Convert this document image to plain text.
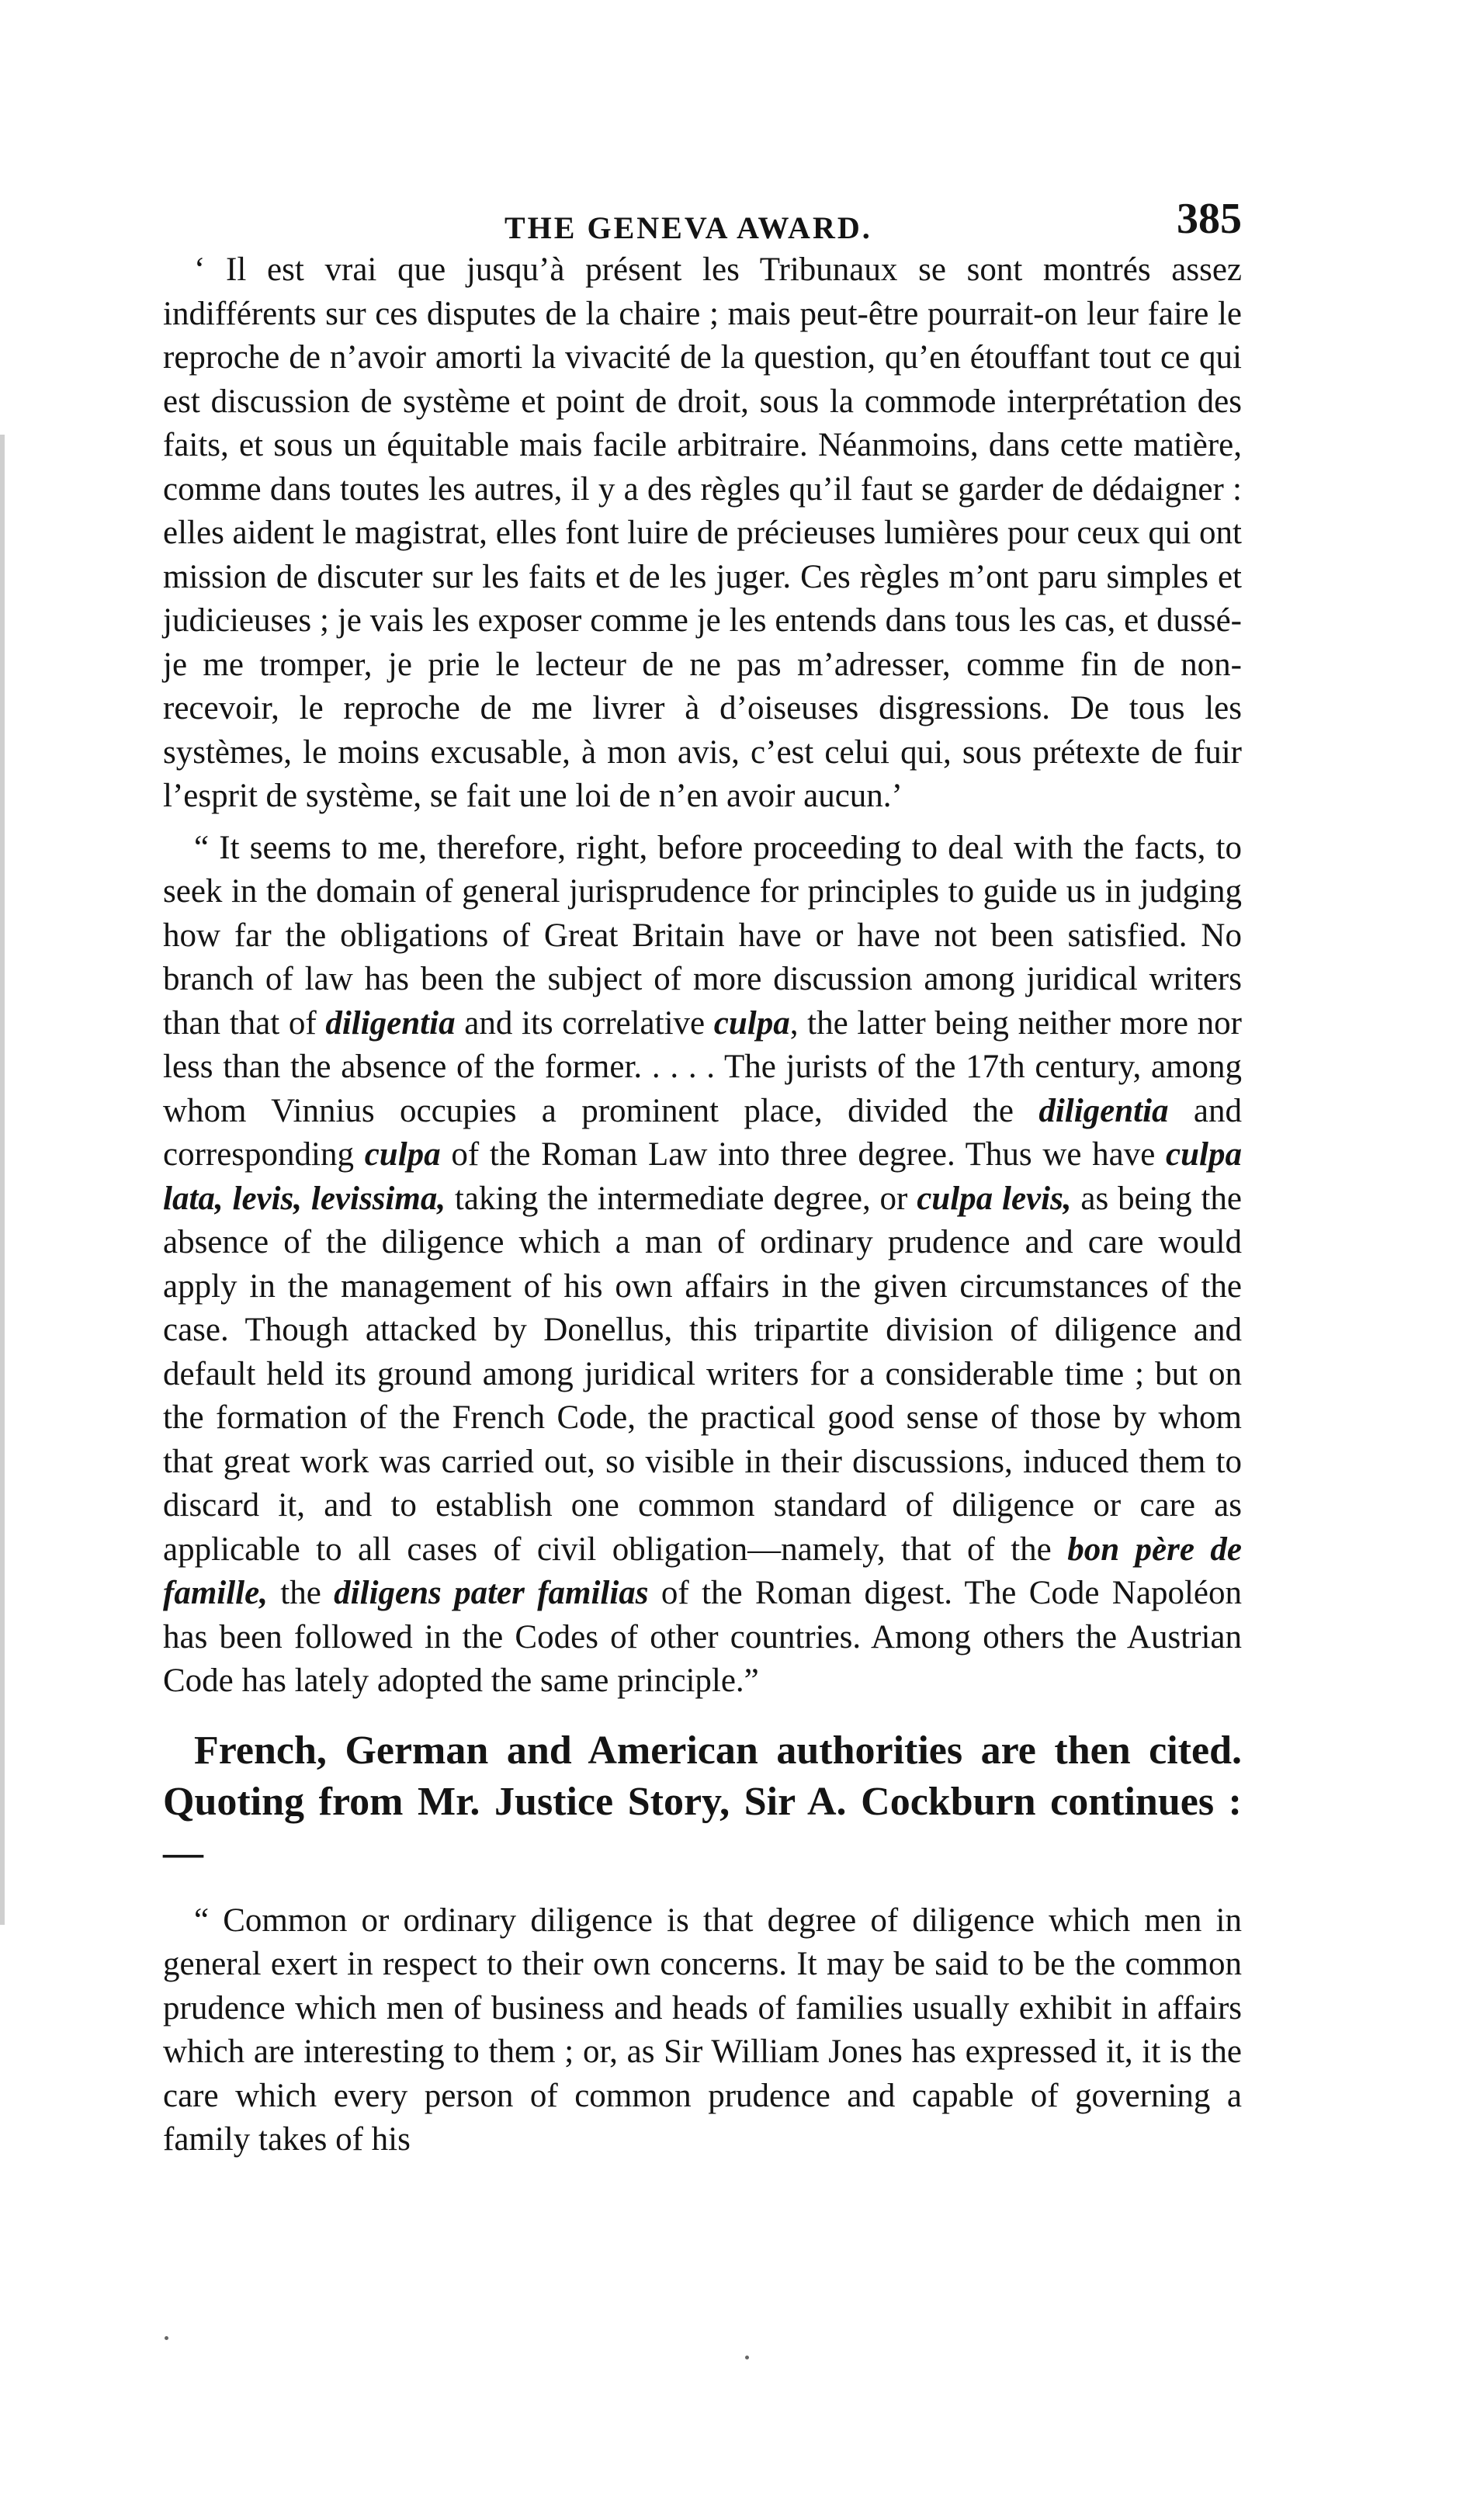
THE GENEVA AWARD.	385

‘ Il est vrai que jusqu’à présent les Tribunaux se sont montrés assez indifférents sur ces disputes de la chaire ; mais peut-être pourrait-on leur faire le reproche de n’avoir amorti la vivacité de la question, qu’en étouffant tout ce qui est discussion de système et point de droit, sous la commode interprétation des faits, et sous un équitable mais facile arbitraire. Néanmoins, dans cette matière, comme dans toutes les autres, il y a des règles qu’il faut se garder de dédaigner : elles aident le magistrat, elles font luire de précieuses lumières pour ceux qui ont mission de discuter sur les faits et de les juger. Ces règles m’ont paru simples et judicieuses ; je vais les exposer comme je les entends dans tous les cas, et dussé-je me tromper, je prie le lecteur de ne pas m’adresser, comme fin de non-recevoir, le reproche de me livrer à d’oiseuses disgressions. De tous les systèmes, le moins excusable, à mon avis, c’est celui qui, sous prétexte de fuir l’esprit de système, se fait une loi de n’en avoir aucun.’

“ It seems to me, therefore, right, before proceeding to deal with the facts, to seek in the domain of general jurisprudence for principles to guide us in judging how far the obligations of Great Britain have or have not been satisfied. No branch of law has been the subject of more discussion among juridical writers than that of diligentia and its correlative culpa, the latter being neither more nor less than the absence of the former. . . . . The jurists of the 17th century, among whom Vinnius occupies a prominent place, divided the diligentia and corresponding culpa of the Roman Law into three degree. Thus we have culpa lata, levis, levissima, taking the intermediate degree, or culpa levis, as being the absence of the diligence which a man of ordinary prudence and care would apply in the management of his own affairs in the given circumstances of the case. Though attacked by Donellus, this tripartite division of diligence and default held its ground among juridical writers for a considerable time ; but on the formation of the French Code, the practical good sense of those by whom that great work was carried out, so visible in their discussions, induced them to discard it, and to establish one common standard of diligence or care as applicable to all cases of civil obligation—namely, that of the bon père de famille, the diligens pater familias of the Roman digest. The Code Napoléon has been followed in the Codes of other countries. Among others the Austrian Code has lately adopted the same principle.”

French, German and American authorities are then cited. Quoting from Mr. Justice Story, Sir A. Cockburn continues :—

“ Common or ordinary diligence is that degree of diligence which men in general exert in respect to their own concerns. It may be said to be the common prudence which men of business and heads of families usually exhibit in affairs which are interesting to them ; or, as Sir William Jones has expressed it, it is the care which every person of common prudence and capable of governing a family takes of his
